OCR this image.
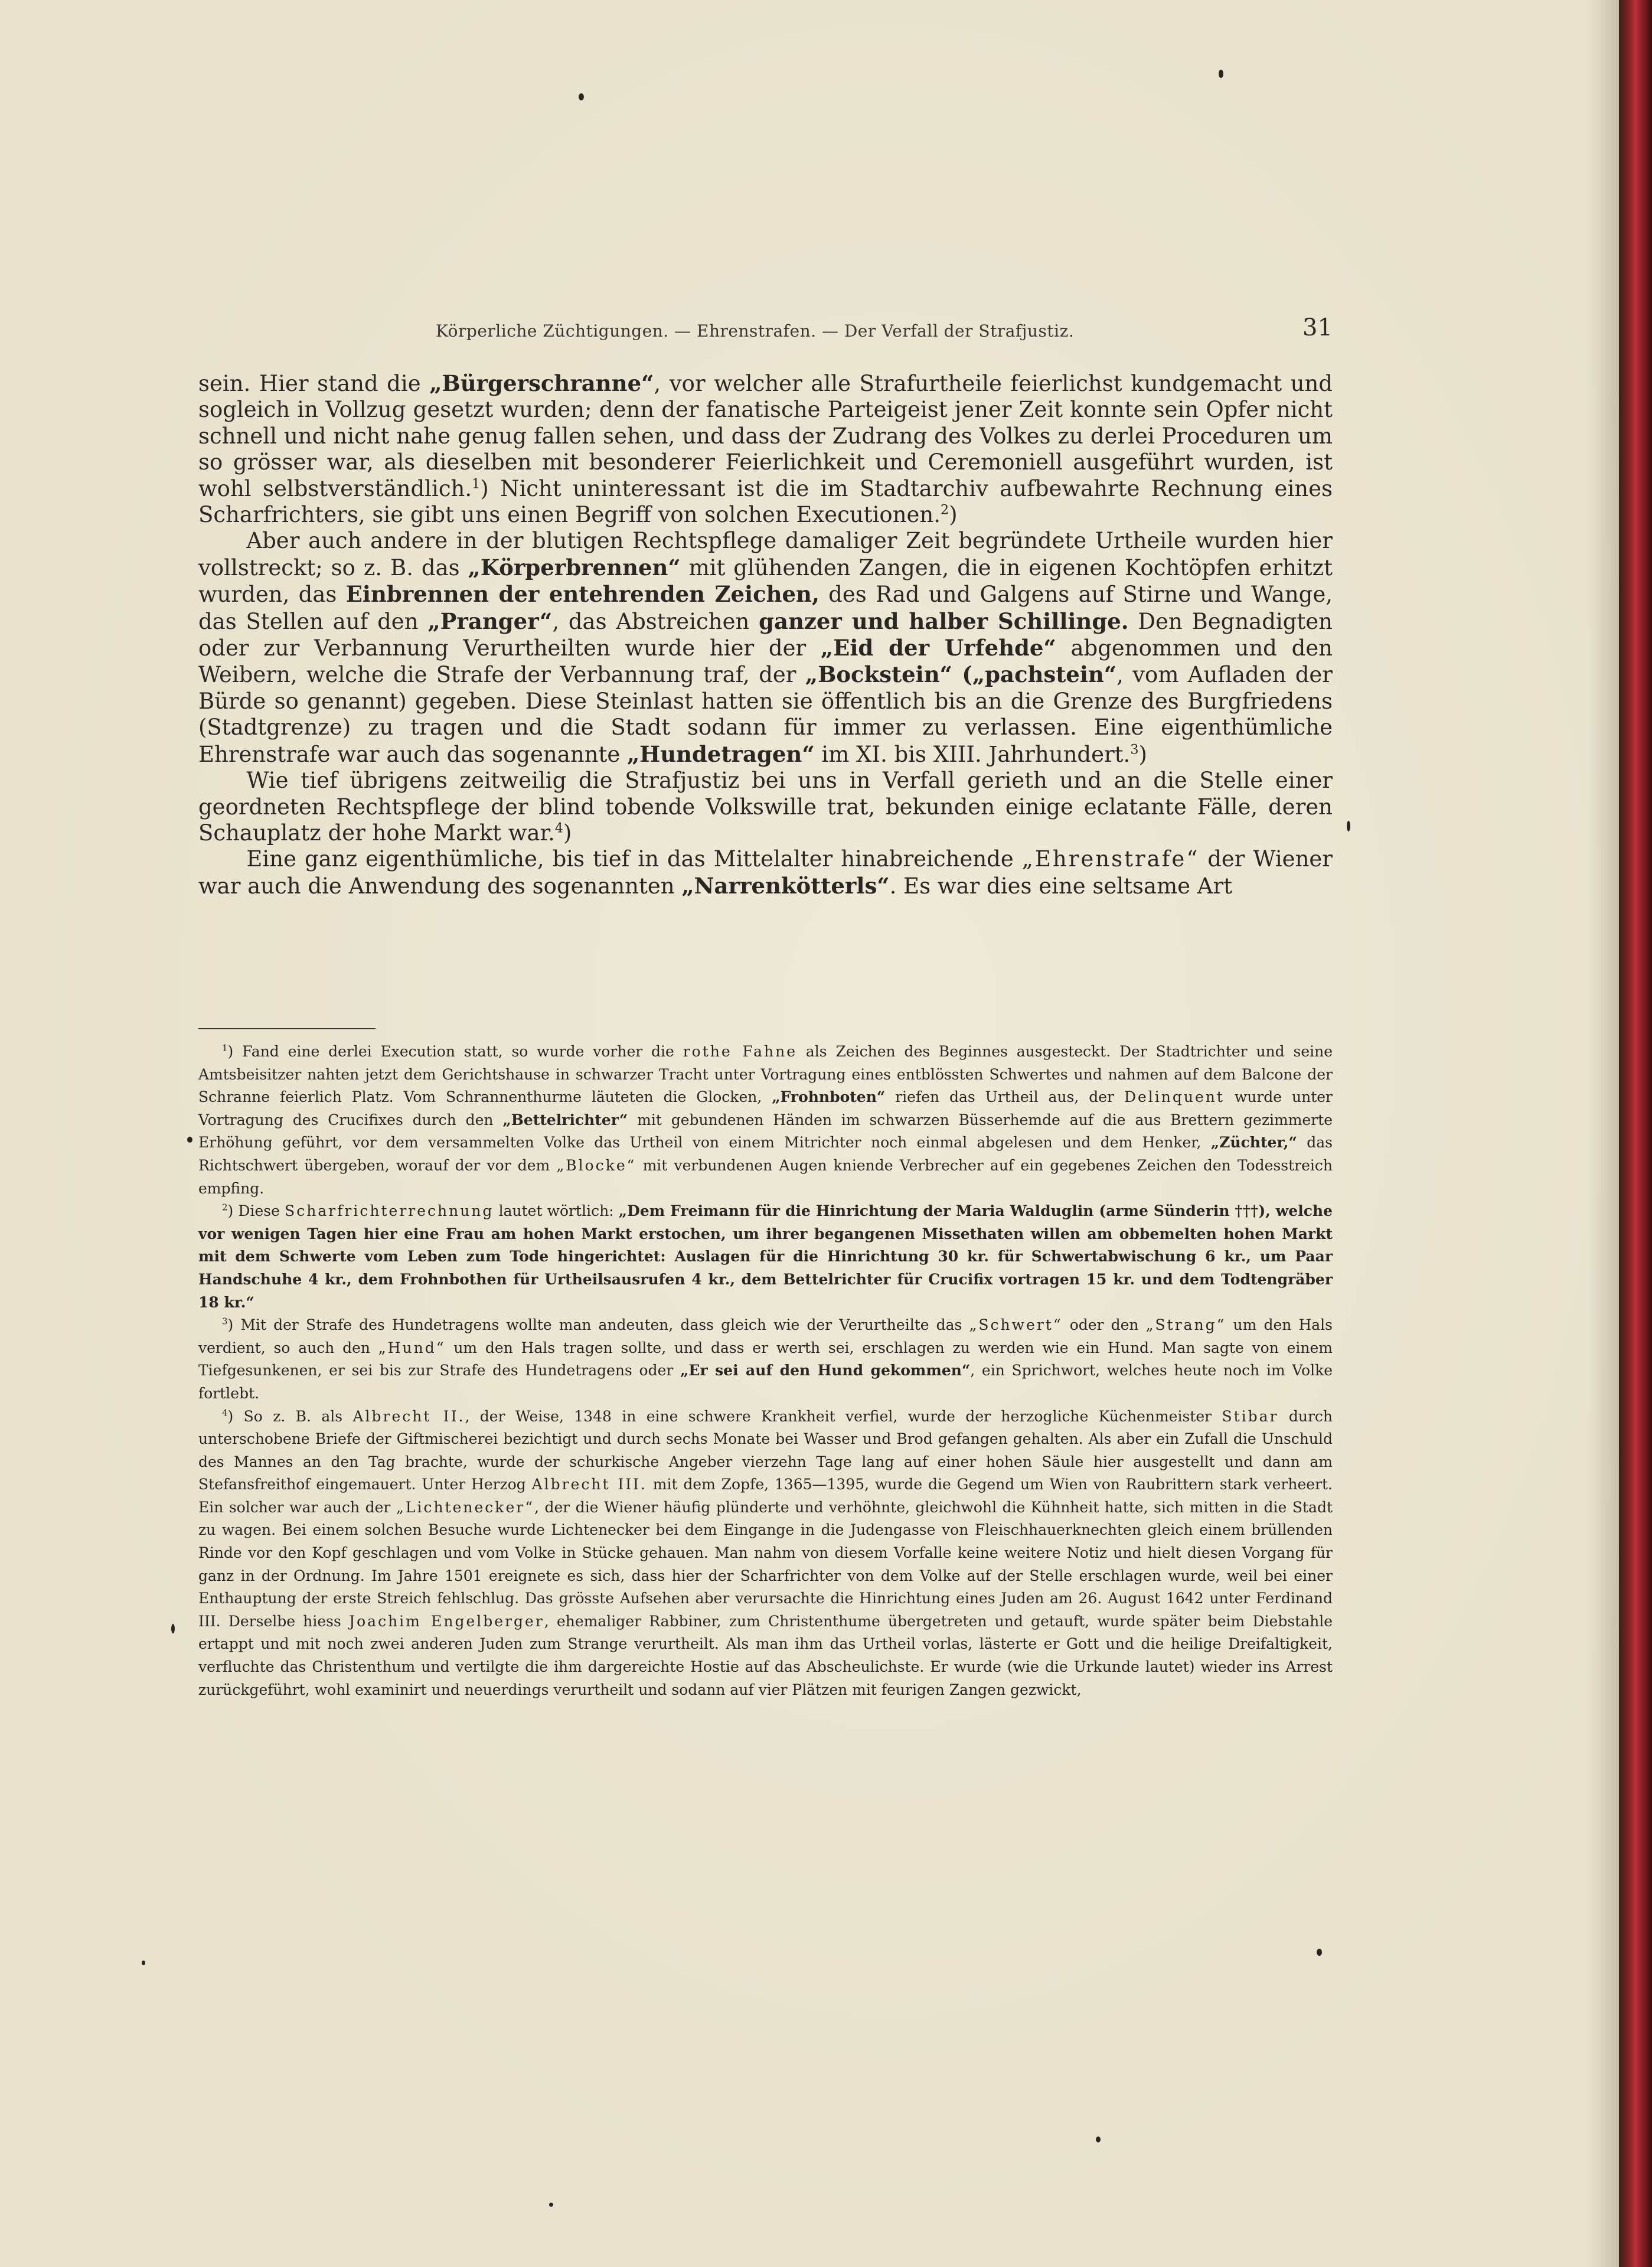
Körperliche Züchtigungen. — Ehrenstrafen. — Der Verfall der Strafjustiz.	31

sein. Hier stand die „Bürgerschranne“, vor welcher alle Strafurtheile feierlichst kundgemacht und sogleich in Vollzug gesetzt wurden; denn der fanatische Parteigeist jener Zeit konnte sein Opfer nicht schnell und nicht nahe genug fallen sehen, und dass der Zudrang des Volkes zu derlei Proceduren um so grösser war, als dieselben mit besonderer Feierlichkeit und Ceremoniell ausgeführt wurden, ist wohl selbstverständlich.$^1$) Nicht uninteressant ist die im Stadtarchiv aufbewahrte Rechnung eines Scharfrichters, sie gibt uns einen Begriff von solchen Executionen.$^2$)

Aber auch andere in der blutigen Rechtspflege damaliger Zeit begründete Urtheile wurden hier vollstreckt; so z. B. das „Körperbrennen“ mit glühenden Zangen, die in eigenen Kochtöpfen erhitzt wurden, das Einbrennen der entehrenden Zeichen, des Rad und Galgens auf Stirne und Wange, das Stellen auf den „Pranger“, das Abstreichen ganzer und halber Schillinge. Den Begnadigten oder zur Verbannung Verurtheilten wurde hier der „Eid der Urfehde“ abgenommen und den Weibern, welche die Strafe der Verbannung traf, der „Bockstein“ („pachstein“, vom Aufladen der Bürde so genannt) gegeben. Diese Steinlast hatten sie öffentlich bis an die Grenze des Burgfriedens (Stadtgrenze) zu tragen und die Stadt sodann für immer zu verlassen. Eine eigenthümliche Ehrenstrafe war auch das sogenannte „Hundetragen“ im XI. bis XIII. Jahrhundert.$^3$)

Wie tief übrigens zeitweilig die Strafjustiz bei uns in Verfall gerieth und an die Stelle einer geordneten Rechtspflege der blind tobende Volkswille trat, bekunden einige eclatante Fälle, deren Schauplatz der hohe Markt war.$^4$)

Eine ganz eigenthümliche, bis tief in das Mittelalter hinabreichende „Ehrenstrafe“ der Wiener war auch die Anwendung des sogenannten „Narrenkötterls“. Es war dies eine seltsame Art

$^1$) Fand eine derlei Execution statt, so wurde vorher die rothe Fahne als Zeichen des Beginnes ausgesteckt. Der Stadtrichter und seine Amtsbeisitzer nahten jetzt dem Gerichtshause in schwarzer Tracht unter Vortragung eines entblössten Schwertes und nahmen auf dem Balcone der Schranne feierlich Platz. Vom Schrannenthurme läuteten die Glocken, „Frohnboten“ riefen das Urtheil aus, der Delinquent wurde unter Vortragung des Crucifixes durch den „Bettelrichter“ mit gebundenen Händen im schwarzen Büsserhemde auf die aus Brettern gezimmerte Erhöhung geführt, vor dem versammelten Volke das Urtheil von einem Mitrichter noch einmal abgelesen und dem Henker, „Züchter,“ das Richtschwert übergeben, worauf der vor dem „Blocke“ mit verbundenen Augen kniende Verbrecher auf ein gegebenes Zeichen den Todesstreich empfing.

$^2$) Diese Scharfrichterrechnung lautet wörtlich: „Dem Freimann für die Hinrichtung der Maria Walduglin (arme Sünderin †††), welche vor wenigen Tagen hier eine Frau am hohen Markt erstochen, um ihrer begangenen Missethaten willen am obbemelten hohen Markt mit dem Schwerte vom Leben zum Tode hingerichtet: Auslagen für die Hinrichtung 30 kr. für Schwertabwischung 6 kr., um Paar Handschuhe 4 kr., dem Frohnbothen für Urtheilsausrufen 4 kr., dem Bettelrichter für Crucifix vortragen 15 kr. und dem Todtengräber 18 kr.“

$^3$) Mit der Strafe des Hundetragens wollte man andeuten, dass gleich wie der Verurtheilte das „Schwert“ oder den „Strang“ um den Hals verdient, so auch den „Hund“ um den Hals tragen sollte, und dass er werth sei, erschlagen zu werden wie ein Hund. Man sagte von einem Tiefgesunkenen, er sei bis zur Strafe des Hundetragens oder „Er sei auf den Hund gekommen“, ein Sprichwort, welches heute noch im Volke fortlebt.

$^4$) So z. B. als Albrecht II., der Weise, 1348 in eine schwere Krankheit verfiel, wurde der herzogliche Küchenmeister Stibar durch unterschobene Briefe der Giftmischerei bezichtigt und durch sechs Monate bei Wasser und Brod gefangen gehalten. Als aber ein Zufall die Unschuld des Mannes an den Tag brachte, wurde der schurkische Angeber vierzehn Tage lang auf einer hohen Säule hier ausgestellt und dann am Stefansfreithof eingemauert. Unter Herzog Albrecht III. mit dem Zopfe, 1365—1395, wurde die Gegend um Wien von Raubrittern stark verheert. Ein solcher war auch der „Lichtenecker“, der die Wiener häufig plünderte und verhöhnte, gleichwohl die Kühnheit hatte, sich mitten in die Stadt zu wagen. Bei einem solchen Besuche wurde Lichtenecker bei dem Eingange in die Judengasse von Fleischhauerknechten gleich einem brüllenden Rinde vor den Kopf geschlagen und vom Volke in Stücke gehauen. Man nahm von diesem Vorfalle keine weitere Notiz und hielt diesen Vorgang für ganz in der Ordnung. Im Jahre 1501 ereignete es sich, dass hier der Scharfrichter von dem Volke auf der Stelle erschlagen wurde, weil bei einer Enthauptung der erste Streich fehlschlug. Das grösste Aufsehen aber verursachte die Hinrichtung eines Juden am 26. August 1642 unter Ferdinand III. Derselbe hiess Joachim Engelberger, ehemaliger Rabbiner, zum Christenthume übergetreten und getauft, wurde später beim Diebstahle ertappt und mit noch zwei anderen Juden zum Strange verurtheilt. Als man ihm das Urtheil vorlas, lästerte er Gott und die heilige Dreifaltigkeit, verfluchte das Christenthum und vertilgte die ihm dargereichte Hostie auf das Abscheulichste. Er wurde (wie die Urkunde lautet) wieder ins Arrest zurückgeführt, wohl examinirt und neuerdings verurtheilt und sodann auf vier Plätzen mit feurigen Zangen gezwickt,
